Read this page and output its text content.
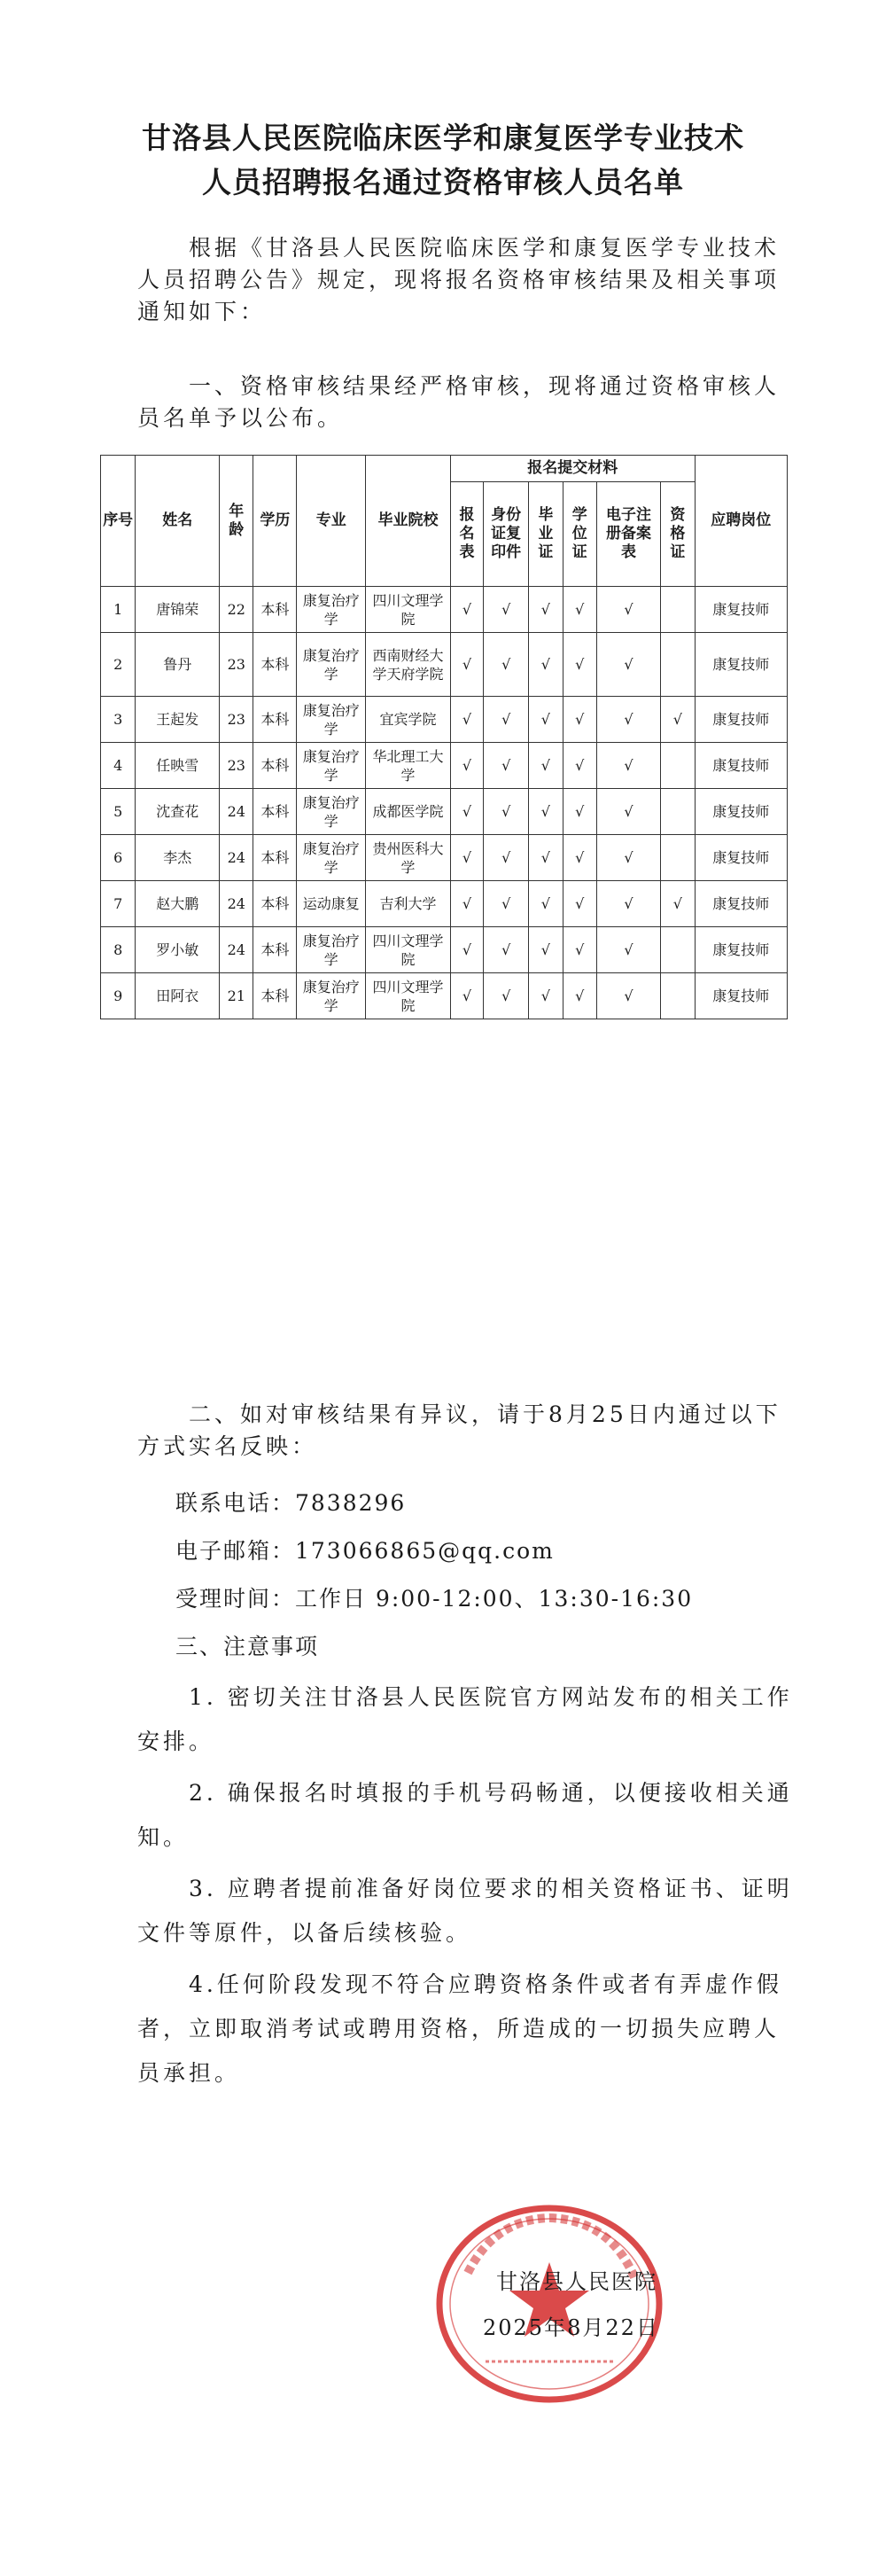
甘洛县人民医院临床医学和康复医学专业技术
人员招聘报名通过资格审核人员名单
根据《甘洛县人民医院临床医学和康复医学专业技术人员招聘公告》规定，现将报名资格审核结果及相关事项通知如下：
一、资格审核结果经严格审核，现将通过资格审核人员名单予以公布。
序号	姓名	年龄	学历	专业	毕业院校	报名提交材料						应聘岗位
						报名表	身份证复印件	毕业证	学位证	电子注册备案表	资格证	
1	唐锦荣	22	本科	康复治疗学	四川文理学院	√	√	√	√	√		康复技师
2	鲁丹	23	本科	康复治疗学	西南财经大学天府学院	√	√	√	√	√		康复技师
3	王起发	23	本科	康复治疗学	宜宾学院	√	√	√	√	√	√	康复技师
4	任映雪	23	本科	康复治疗学	华北理工大学	√	√	√	√	√		康复技师
5	沈查花	24	本科	康复治疗学	成都医学院	√	√	√	√	√		康复技师
6	李杰	24	本科	康复治疗学	贵州医科大学	√	√	√	√	√		康复技师
7	赵大鹏	24	本科	运动康复	吉利大学	√	√	√	√	√	√	康复技师
8	罗小敏	24	本科	康复治疗学	四川文理学院	√	√	√	√	√		康复技师
9	田阿衣	21	本科	康复治疗学	四川文理学院	√	√	√	√	√		康复技师
二、如对审核结果有异议，请于8月25日内通过以下方式实名反映：
联系电话：7838296
电子邮箱：173066865@qq.com
受理时间：工作日 9:00-12:00、13:30-16:30
三、注意事项
1. 密切关注甘洛县人民医院官方网站发布的相关工作安排。
2. 确保报名时填报的手机号码畅通，以便接收相关通知。
3. 应聘者提前准备好岗位要求的相关资格证书、证明文件等原件，以备后续核验。
4.任何阶段发现不符合应聘资格条件或者有弄虚作假者，立即取消考试或聘用资格，所造成的一切损失应聘人员承担。
甘洛县人民医院
2025年8月22日
